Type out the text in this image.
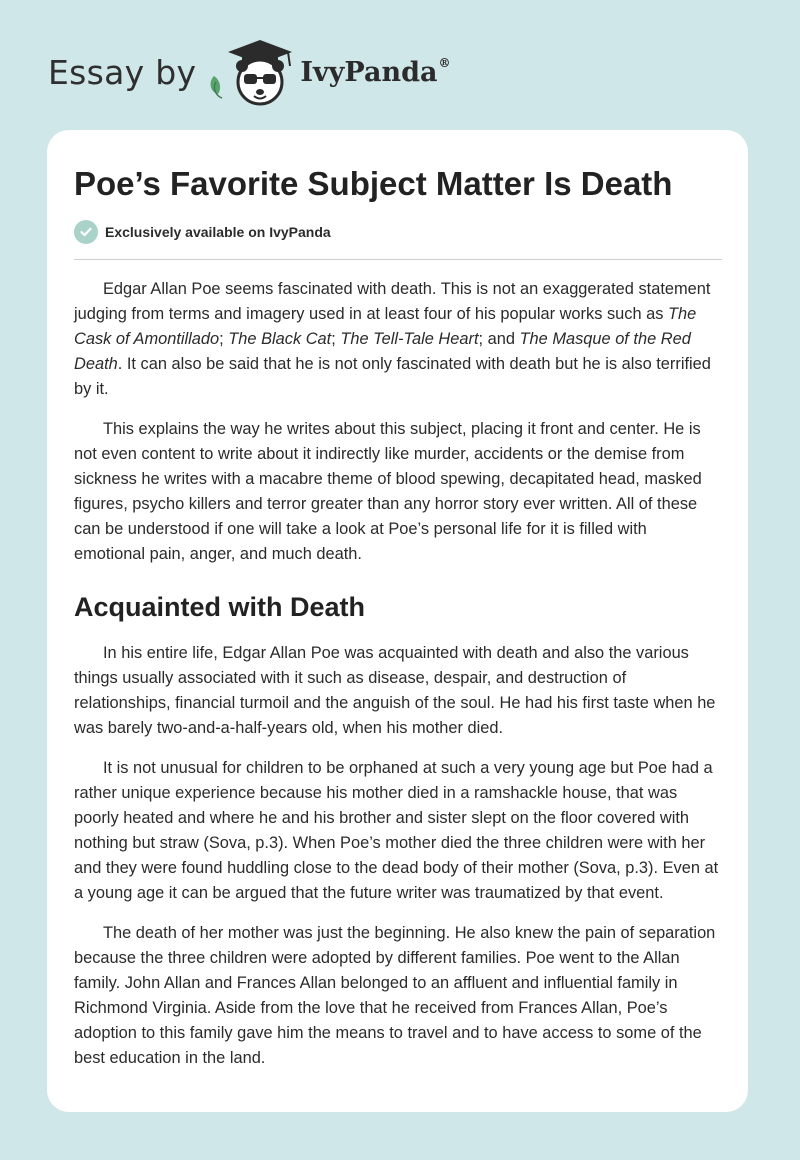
Essay by	IvyPanda®
Poe’s Favorite Subject Matter Is Death
Exclusively available on IvyPanda

Edgar Allan Poe seems fascinated with death. This is not an exaggerated statement judging from terms and imagery used in at least four of his popular works such as The Cask of Amontillado; The Black Cat; The Tell-Tale Heart; and The Masque of the Red Death. It can also be said that he is not only fascinated with death but he is also terrified by it.

This explains the way he writes about this subject, placing it front and center. He is not even content to write about it indirectly like murder, accidents or the demise from sickness he writes with a macabre theme of blood spewing, decapitated head, masked figures, psycho killers and terror greater than any horror story ever written. All of these can be understood if one will take a look at Poe’s personal life for it is filled with emotional pain, anger, and much death.

Acquainted with Death

In his entire life, Edgar Allan Poe was acquainted with death and also the various things usually associated with it such as disease, despair, and destruction of relationships, financial turmoil and the anguish of the soul. He had his first taste when he was barely two-and-a-half-years old, when his mother died.

It is not unusual for children to be orphaned at such a very young age but Poe had a rather unique experience because his mother died in a ramshackle house, that was poorly heated and where he and his brother and sister slept on the floor covered with nothing but straw (Sova, p.3). When Poe’s mother died the three children were with her and they were found huddling close to the dead body of their mother (Sova, p.3). Even at a young age it can be argued that the future writer was traumatized by that event.

The death of her mother was just the beginning. He also knew the pain of separation because the three children were adopted by different families. Poe went to the Allan family. John Allan and Frances Allan belonged to an affluent and influential family in Richmond Virginia. Aside from the love that he received from Frances Allan, Poe’s adoption to this family gave him the means to travel and to have access to some of the best education in the land.
